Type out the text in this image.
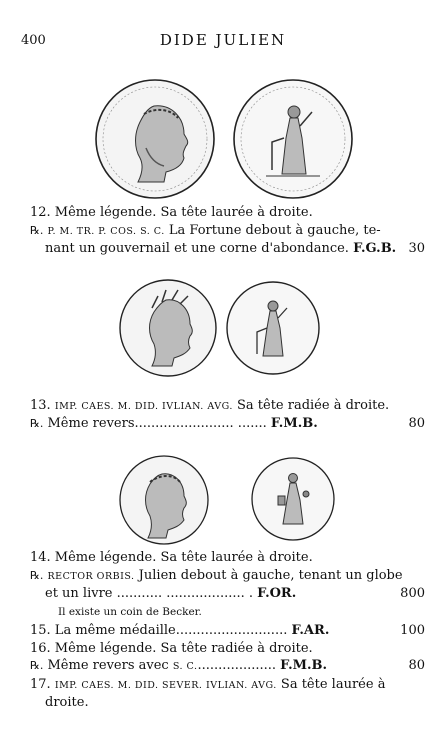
400	DIDE JULIEN
12. Même légende. Sa tête laurée à droite.
℞. P. M. TR. P. COS. S. C. La Fortune debout à gauche, te-
nant un gouvernail et une corne d'abondance. F.G.B. 30
13. IMP. CAES. M. DID. IVLIAN. AVG. Sa tête radiée à droite.
℞. Même revers........................ ....... F.M.B.	80
14. Même légende. Sa tête laurée à droite.
℞. RECTOR ORBIS. Julien debout à gauche, tenant un globe
et un livre ........... ................... . F.OR.	800
Il existe un coin de Becker.
15. La même médaille........................... F.AR.	100
16. Même légende. Sa tête radiée à droite.
℞. Même revers avec S. C.................... F.M.B.	80
17. IMP. CAES. M. DID. SEVER. IVLIAN. AVG. Sa tête laurée à
droite.
